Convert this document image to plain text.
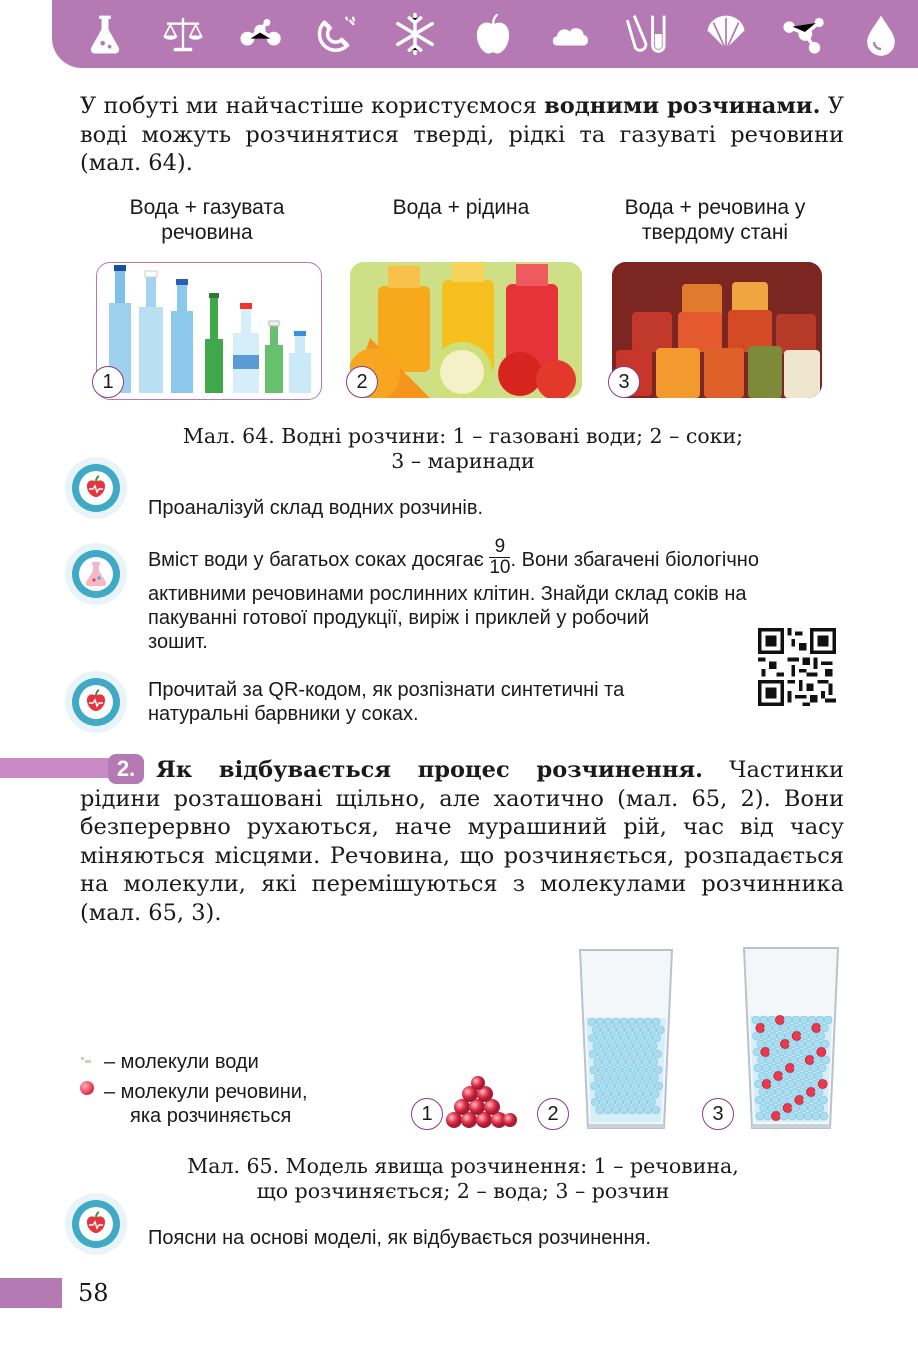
У побуті ми найчастіше користуємося водними розчинами. У воді можуть розчинятися тверді, рідкі та газуваті речовини (мал. 64).
Вода + газувата речовина
Вода + рідина	Вода + речовина у твердому стані
1	2	3
Мал. 64. Водні розчини: 1 – газовані води; 2 – соки;
3 – маринади
Проаналізуй склад водних розчинів.
Вміст води у багатьох соках досягає $\frac{9}{10}$ . Вони збагачені біологічно
активними речовинами рослинних клітин. Знайди склад соків на
пакуванні готової продукції, виріж і приклей у робочий
зошит.
Прочитай за QR-кодом, як розпізнати синтетичні та
натуральні барвники у соках.
2. Як відбувається процес розчинення. Частинки рідини розташовані щільно, але хаотично (мал. 65, 2). Вони безперервно рухаються, наче мурашиний рій, час від часу міняються місцями. Речовина, що розчиняється, розпадається на молекули, які перемішуються з молекулами розчинника (мал. 65, 3).
– молекули води
– молекули речовини,
яка розчиняється	1	2	3
Мал. 65. Модель явища розчинення: 1 – речовина,
що розчиняється; 2 – вода; 3 – розчин
Поясни на основі моделі, як відбувається розчинення.
58
